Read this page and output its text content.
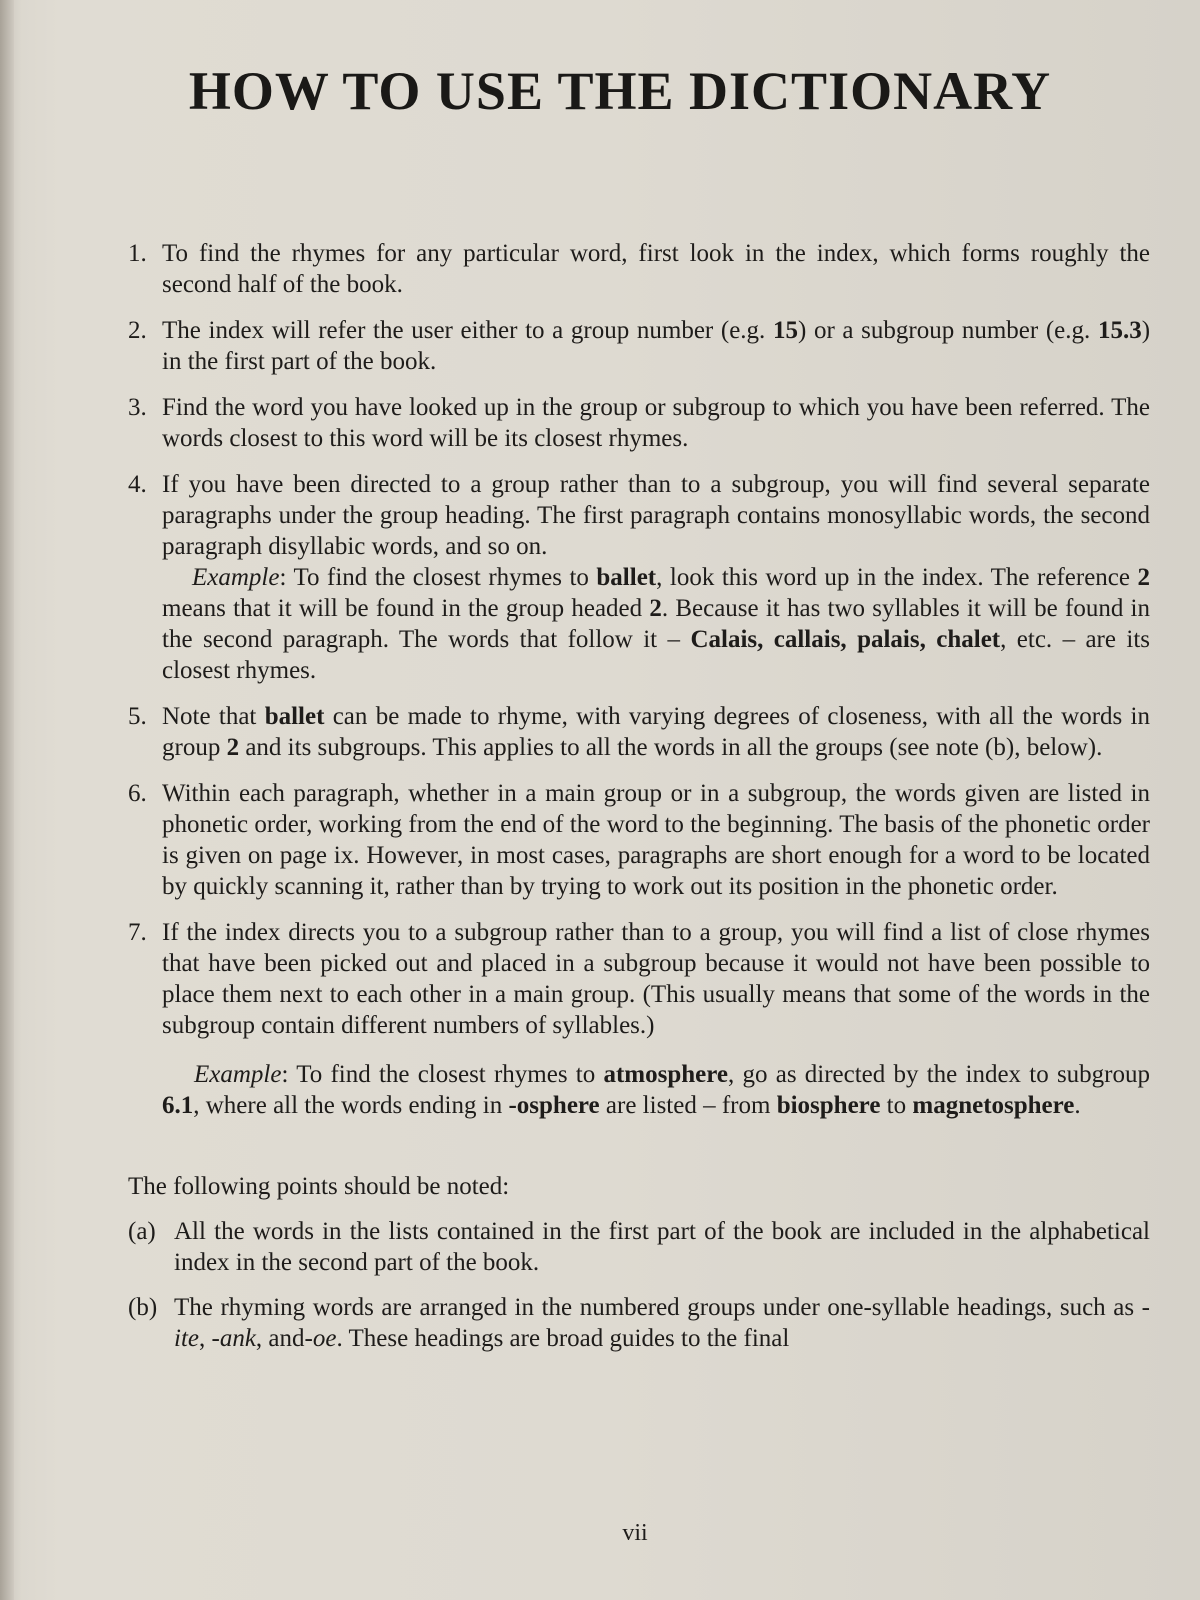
HOW TO USE THE DICTIONARY
1. To find the rhymes for any particular word, first look in the index, which forms roughly the second half of the book.
2. The index will refer the user either to a group number (e.g. 15) or a subgroup number (e.g. 15.3) in the first part of the book.
3. Find the word you have looked up in the group or subgroup to which you have been referred. The words closest to this word will be its closest rhymes.
4. If you have been directed to a group rather than to a subgroup, you will find several separate paragraphs under the group heading. The first paragraph contains monosyllabic words, the second paragraph disyllabic words, and so on.
Example: To find the closest rhymes to ballet, look this word up in the index. The reference 2 means that it will be found in the group headed 2. Because it has two syllables it will be found in the second paragraph. The words that follow it – Calais, callais, palais, chalet, etc. – are its closest rhymes.
5. Note that ballet can be made to rhyme, with varying degrees of closeness, with all the words in group 2 and its subgroups. This applies to all the words in all the groups (see note (b), below).
6. Within each paragraph, whether in a main group or in a subgroup, the words given are listed in phonetic order, working from the end of the word to the beginning. The basis of the phonetic order is given on page ix. However, in most cases, paragraphs are short enough for a word to be located by quickly scanning it, rather than by trying to work out its position in the phonetic order.
7. If the index directs you to a subgroup rather than to a group, you will find a list of close rhymes that have been picked out and placed in a subgroup because it would not have been possible to place them next to each other in a main group. (This usually means that some of the words in the subgroup contain different numbers of syllables.)
Example: To find the closest rhymes to atmosphere, go as directed by the index to subgroup 6.1, where all the words ending in -osphere are listed – from biosphere to magnetosphere.
The following points should be noted:
(a) All the words in the lists contained in the first part of the book are included in the alphabetical index in the second part of the book.
(b) The rhyming words are arranged in the numbered groups under one-syllable headings, such as -ite, -ank, and-oe. These headings are broad guides to the final
vii
